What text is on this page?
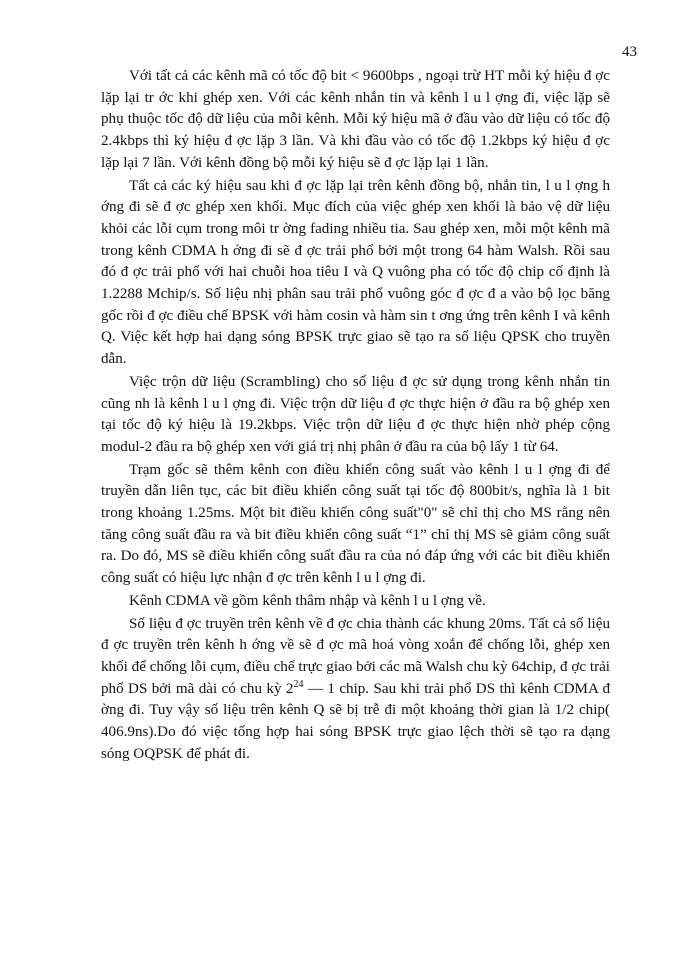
43

Với tất cả các kênh mã có tốc độ bit < 9600bps , ngoại trừ HT mỗi ký hiệu đ ợc lặp lại tr ớc khi ghép xen. Với các kênh nhắn tin và kênh l u l ợng đi, việc lặp sẽ phụ thuộc tốc độ dữ liệu của mỗi kênh. Mỗi ký hiệu mã ở đầu vào dữ liệu có tốc độ 2.4kbps thì ký hiệu đ ợc lặp 3 lần. Và khi đầu vào có tốc độ 1.2kbps ký hiệu đ ợc lặp lại 7 lần. Với kênh đồng bộ mỗi ký hiệu sẽ đ ợc lặp lại 1 lần.

Tất cả các ký hiệu sau khi đ ợc lặp lại trên kênh đồng bộ, nhắn tin, l u l ợng h ớng đi sẽ đ ợc ghép xen khối. Mục đích của việc ghép xen khối là bảo vệ dữ liệu khỏi các lỗi cụm trong môi tr ờng fading nhiều tia. Sau ghép xen, mỗi một kênh mã trong kênh CDMA h ớng đi sẽ đ ợc trải phổ bởi một trong 64 hàm Walsh. Rồi sau đó đ ợc trải phổ với hai chuỗi hoa tiêu I và Q vuông pha có tốc độ chip cố định là 1.2288 Mchip/s. Số liệu nhị phân sau trải phổ vuông góc đ ợc đ a vào bộ lọc băng gốc rồi đ ợc điều chế BPSK với hàm cosin và hàm sin t ơng ứng trên kênh I và kênh Q. Việc kết hợp hai dạng sóng BPSK trực giao sẽ tạo ra số liệu QPSK cho truyền dẫn.

Việc trộn dữ liệu (Scrambling) cho số liệu đ ợc sử dụng trong kênh nhắn tin cũng nh là kênh l u l ợng đi. Việc trộn dữ liệu đ ợc thực hiện ở đầu ra bộ ghép xen tại tốc độ ký hiệu là 19.2kbps. Việc trộn dữ liệu đ ợc thực hiện nhờ phép cộng modul-2 đầu ra bộ ghép xen với giá trị nhị phân ở đầu ra của bộ lấy 1 từ 64.

Trạm gốc sẽ thêm kênh con điều khiển công suất vào kênh l u l ợng đi để truyền dẫn liên tục, các bit điều khiển công suất tại tốc độ 800bit/s, nghĩa là 1 bit trong khoảng 1.25ms. Một bit điều khiển công suất"0" sẽ chỉ thị cho MS rằng nên tăng công suất đầu ra và bit điều khiển công suất “1” chỉ thị MS sẽ giảm công suất ra. Do đó, MS sẽ điều khiển công suất đầu ra của nó đáp ứng với các bit điều khiển công suất có hiệu lực nhận đ ợc trên kênh l u l ợng đi.

Kênh CDMA về gồm kênh thâm nhập và kênh l u l ợng về.

Số liệu đ ợc truyền trên kênh về đ ợc chia thành các khung 20ms. Tất cả số liệu đ ợc truyền trên kênh h ớng về sẽ đ ợc mã hoá vòng xoắn để chống lỗi, ghép xen khối để chống lỗi cụm, điều chế trực giao bởi các mã Walsh chu kỳ 64chip, đ ợc trải phổ DS bởi mã dài có chu kỳ $2^{24}$ — 1 chip. Sau khi trải phổ DS thì kênh CDMA đ ờng đi. Tuy vậy số liệu trên kênh Q sẽ bị trễ đi một khoảng thời gian là 1/2 chip( 406.9ns).Do đó việc tổng hợp hai sóng BPSK trực giao lệch thời sẽ tạo ra dạng sóng OQPSK để phát đi.
